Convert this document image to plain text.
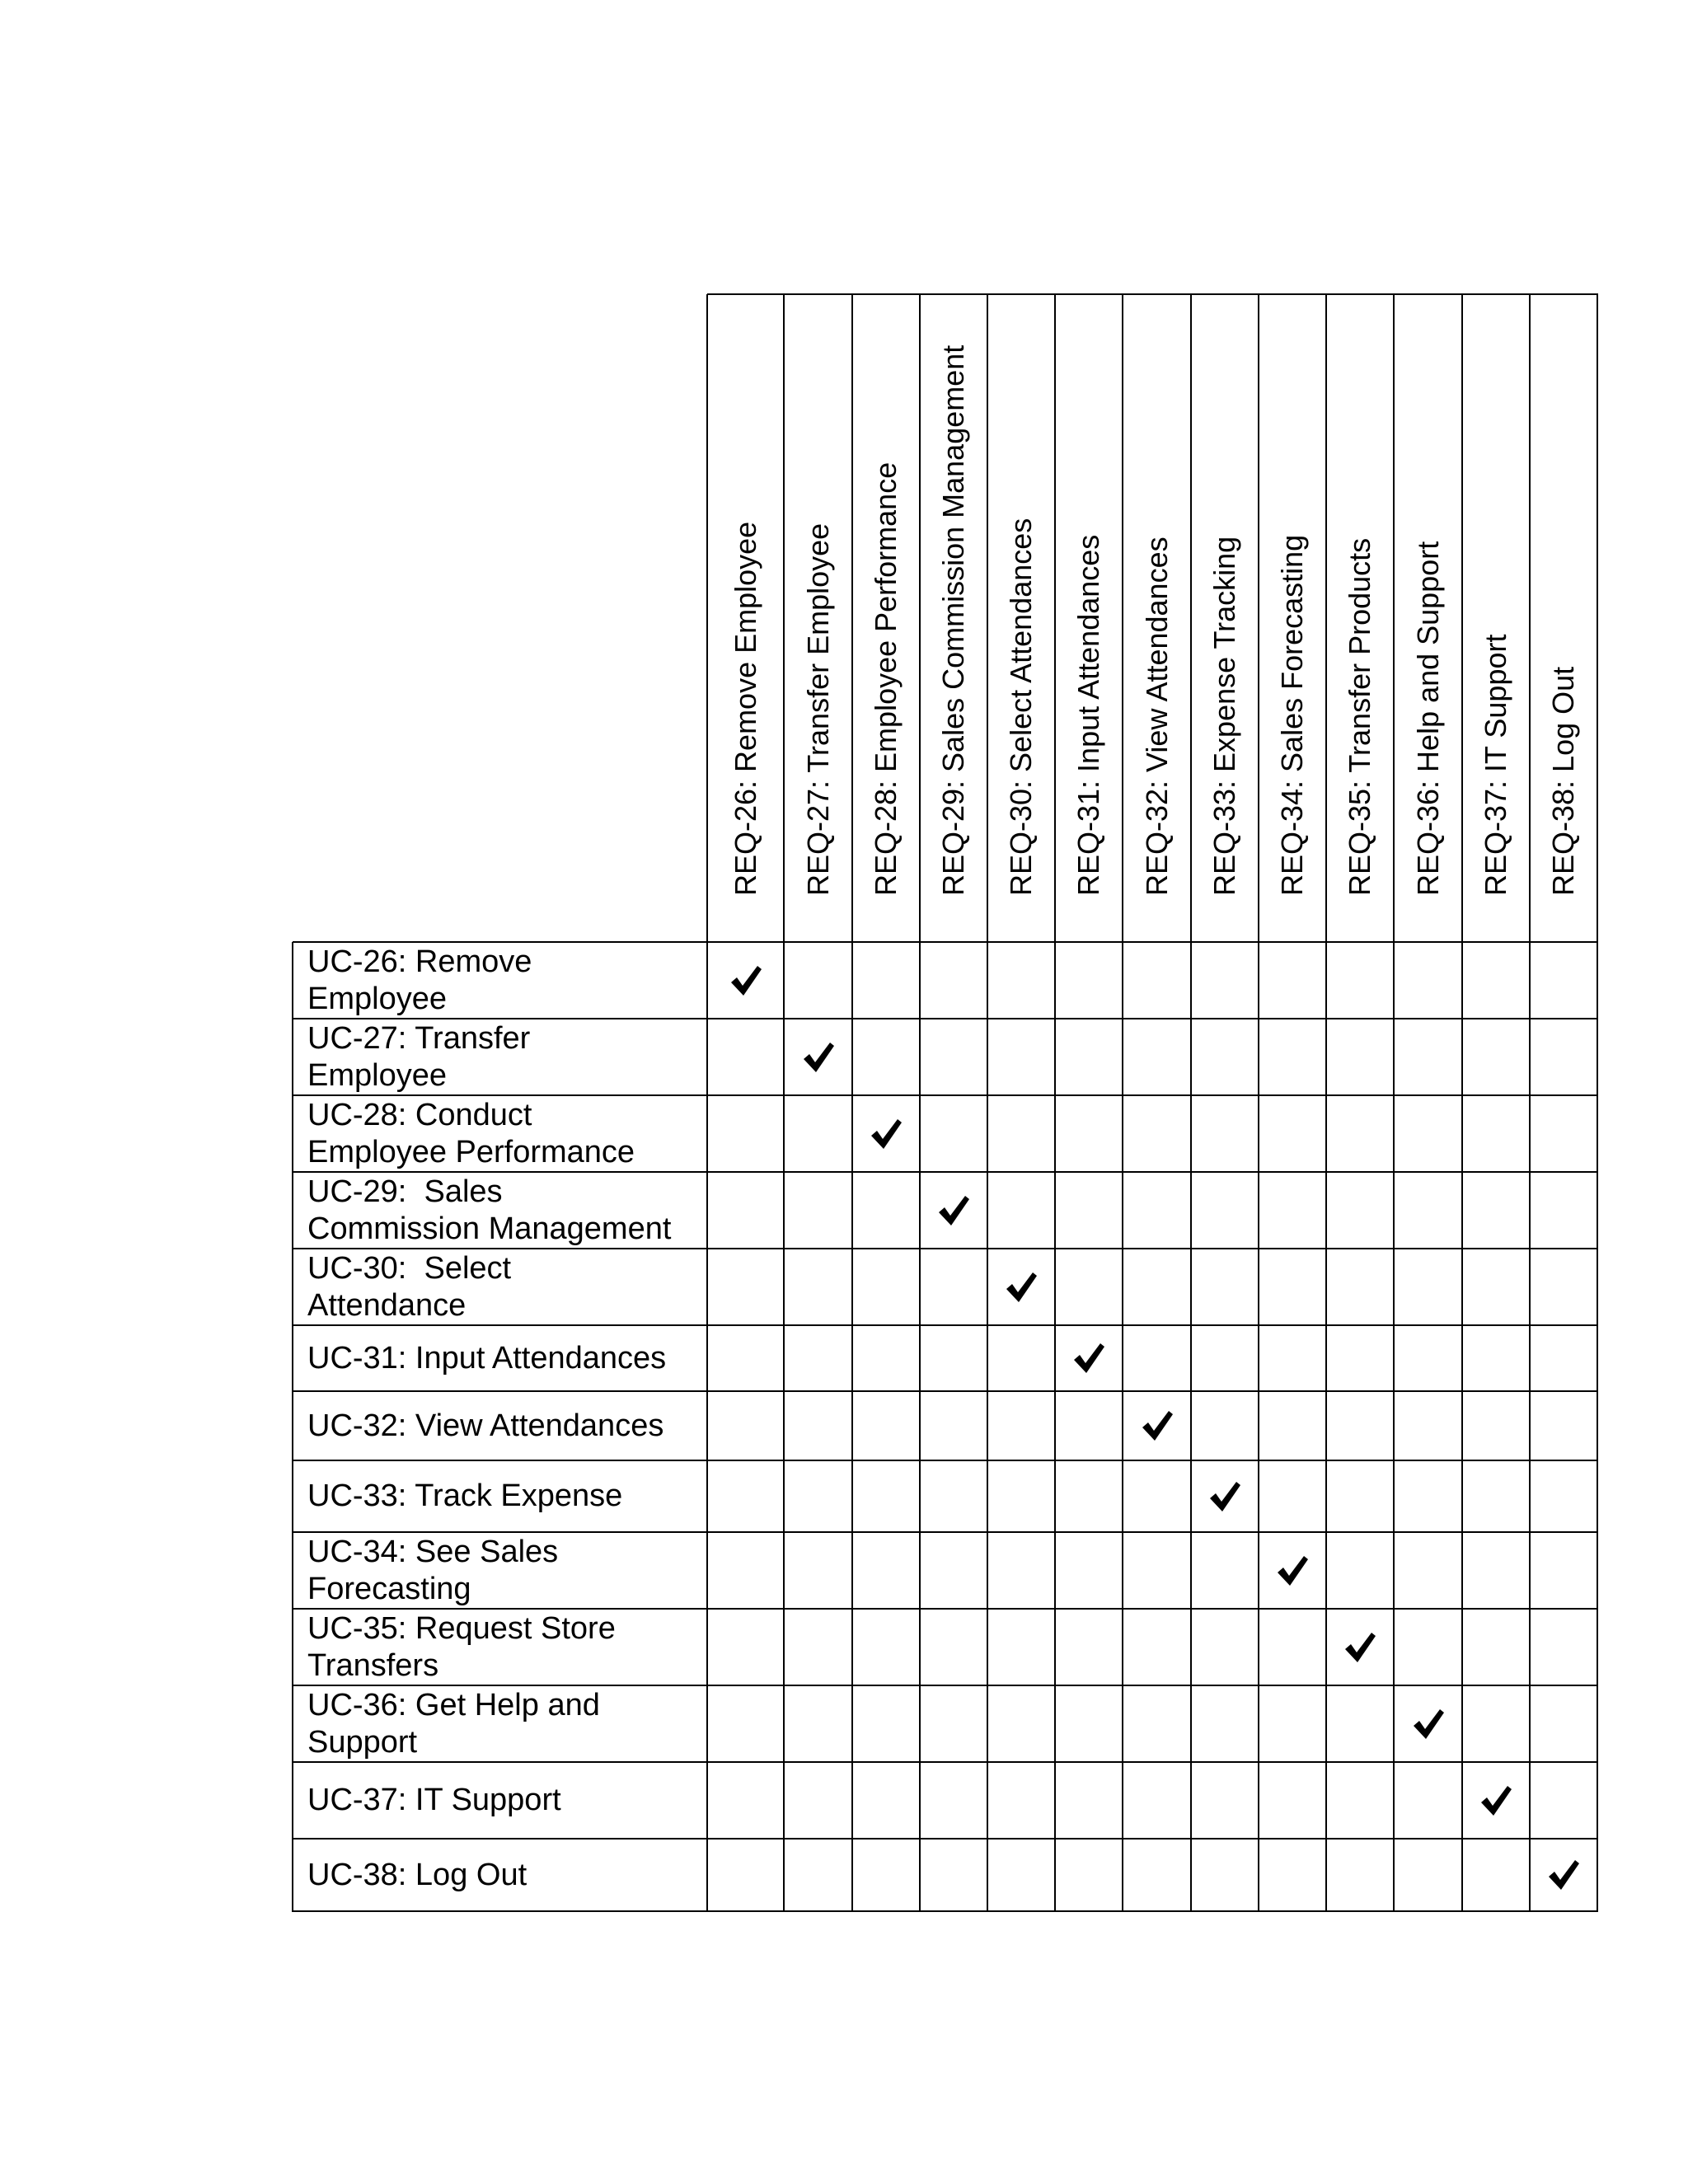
REQ-26: Remove Employee REQ-27: Transfer Employee REQ-28: Employee Performance REQ-29: Sales Commission Management REQ-30: Select Attendances REQ-31: Input Attendances REQ-32: View Attendances REQ-33: Expense Tracking REQ-34: Sales Forecasting REQ-35: Transfer Products REQ-36: Help and Support REQ-37: IT Support REQ-38: Log Out
UC-26: Remove
Employee
UC-27: Transfer
Employee
UC-28: Conduct
Employee Performance
UC-29:  Sales
Commission Management
UC-30:  Select
Attendance
UC-31: Input Attendances
UC-32: View Attendances
UC-33: Track Expense
UC-34: See Sales
Forecasting
UC-35: Request Store
Transfers
UC-36: Get Help and
Support
UC-37: IT Support
UC-38: Log Out
